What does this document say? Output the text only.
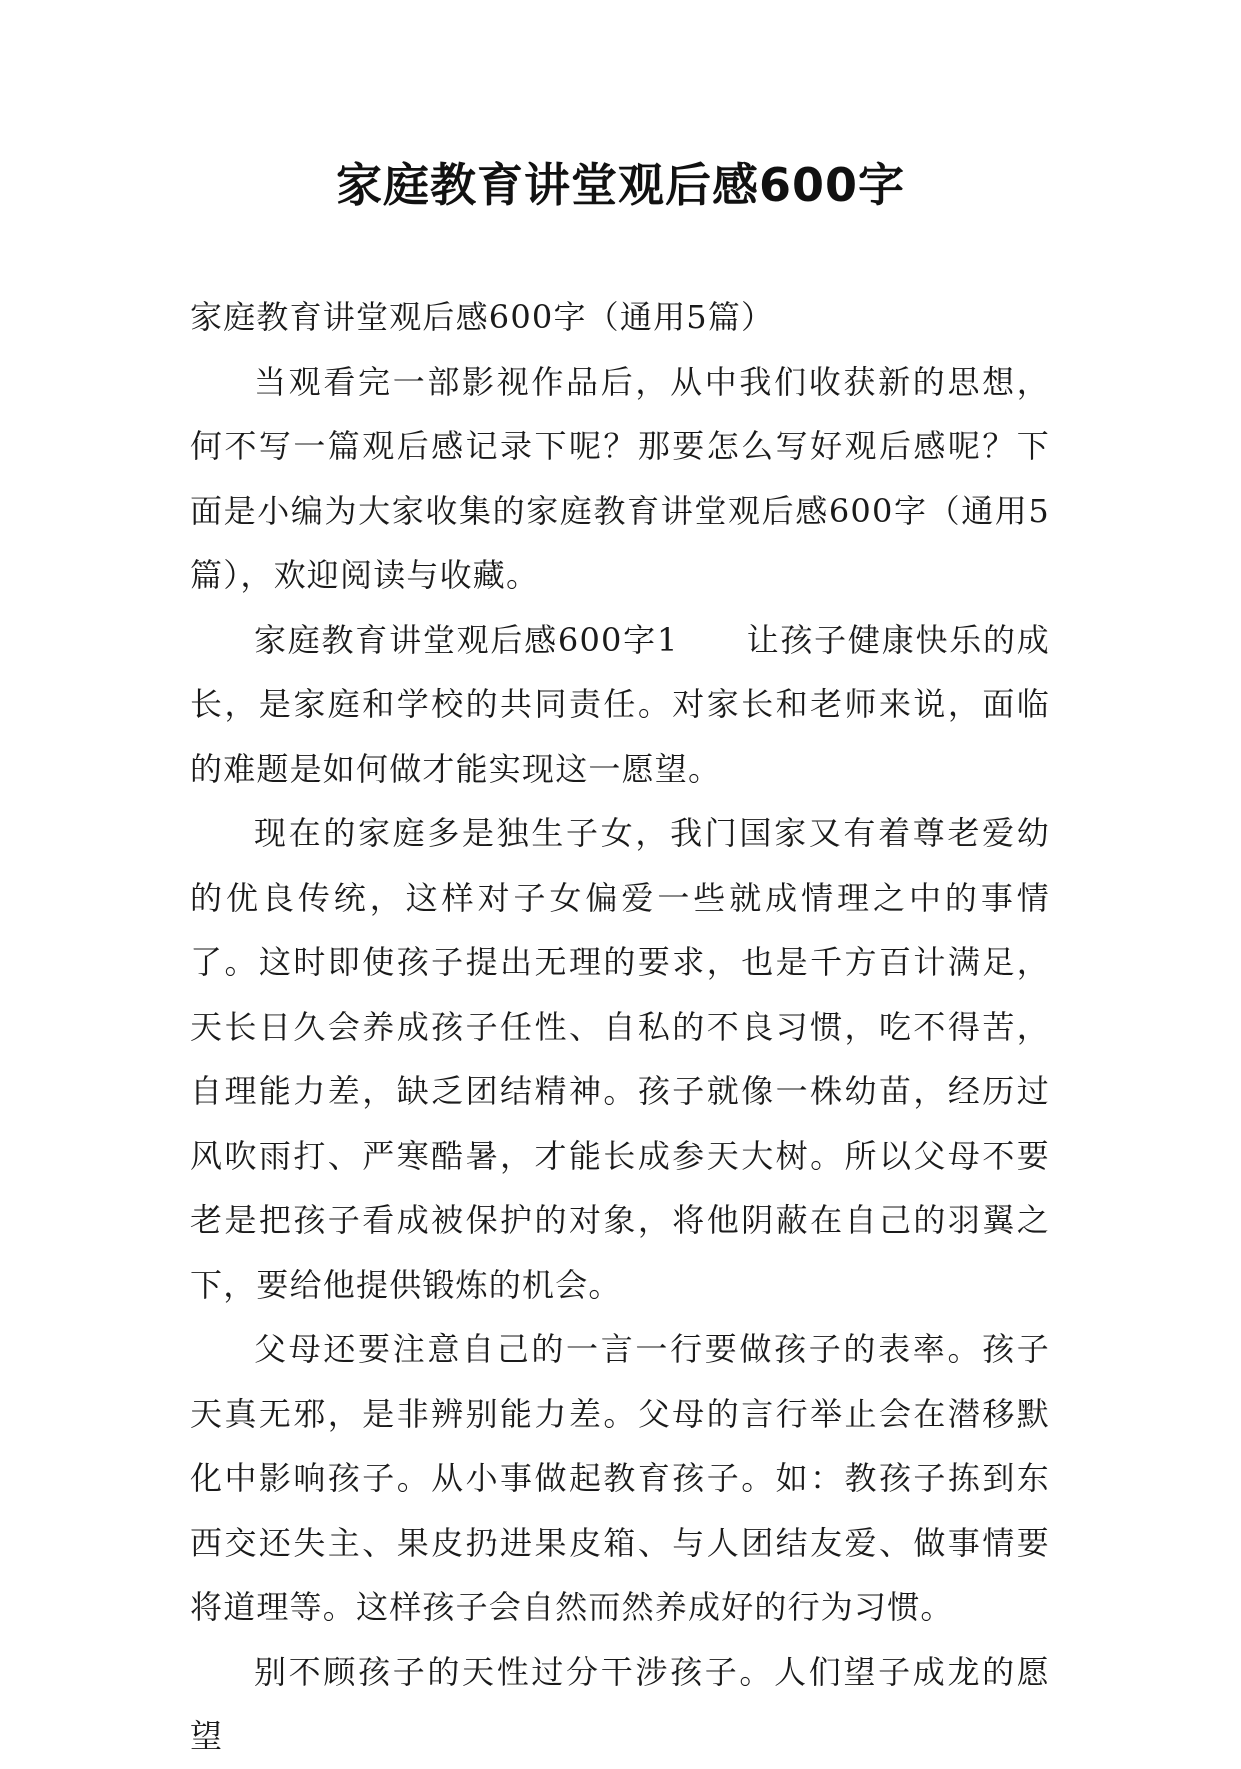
家庭教育讲堂观后感600字

家庭教育讲堂观后感600字（通用5篇）

当观看完一部影视作品后，从中我们收获新的思想，何不写一篇观后感记录下呢？那要怎么写好观后感呢？下面是小编为大家收集的家庭教育讲堂观后感600字（通用5篇），欢迎阅读与收藏。

家庭教育讲堂观后感600字1　　让孩子健康快乐的成长，是家庭和学校的共同责任。对家长和老师来说，面临的难题是如何做才能实现这一愿望。

现在的家庭多是独生子女，我门国家又有着尊老爱幼的优良传统，这样对子女偏爱一些就成情理之中的事情了。这时即使孩子提出无理的要求，也是千方百计满足，天长日久会养成孩子任性、自私的不良习惯，吃不得苦，自理能力差，缺乏团结精神。孩子就像一株幼苗，经历过风吹雨打、严寒酷暑，才能长成参天大树。所以父母不要老是把孩子看成被保护的对象，将他阴蔽在自己的羽翼之下，要给他提供锻炼的机会。

父母还要注意自己的一言一行要做孩子的表率。孩子天真无邪，是非辨别能力差。父母的言行举止会在潜移默化中影响孩子。从小事做起教育孩子。如：教孩子拣到东西交还失主、果皮扔进果皮箱、与人团结友爱、做事情要将道理等。这样孩子会自然而然养成好的行为习惯。

别不顾孩子的天性过分干涉孩子。人们望子成龙的愿望
